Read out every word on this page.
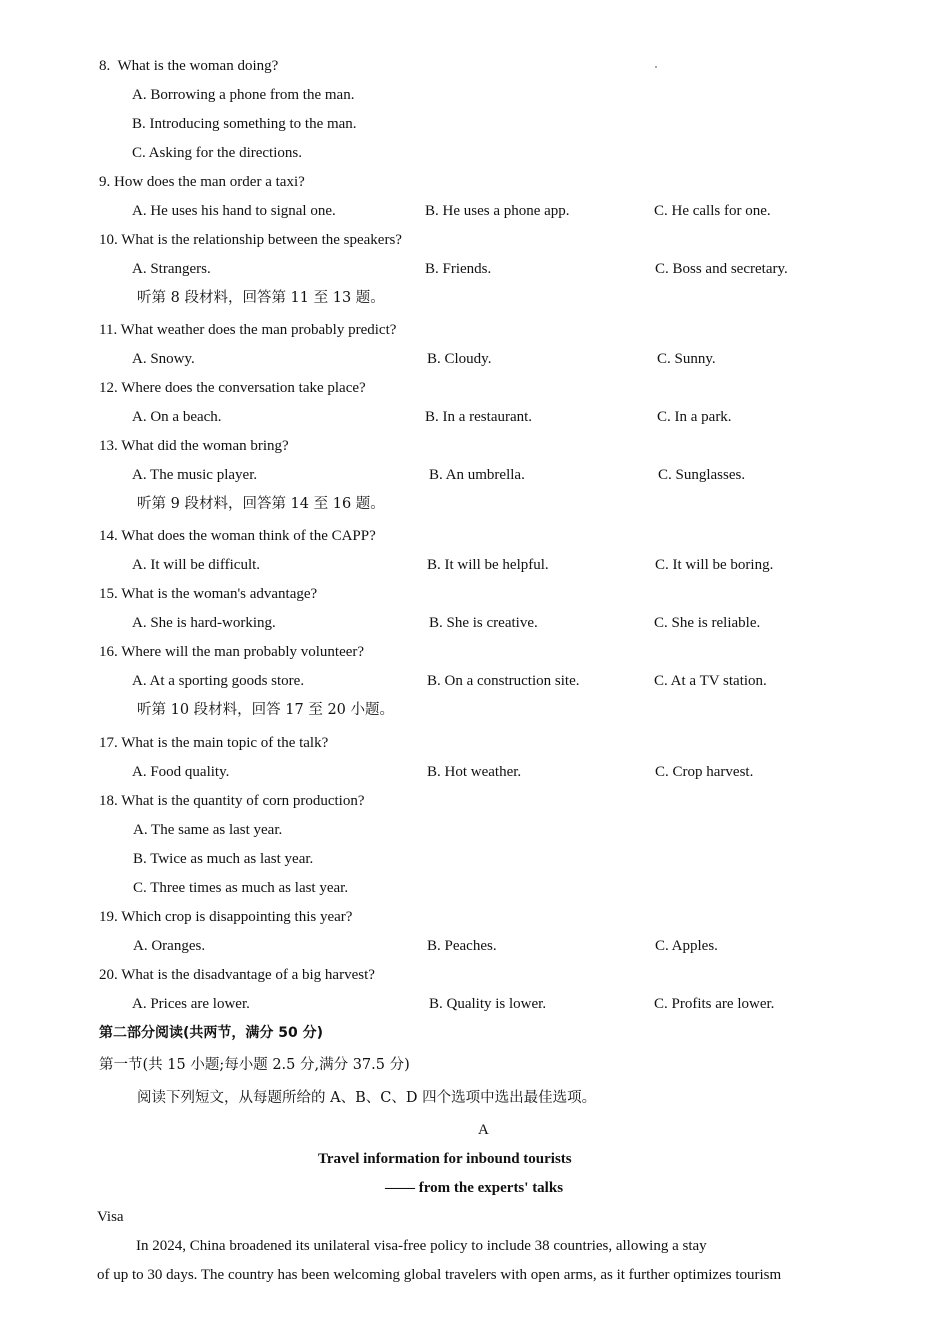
8. What is the woman doing?
A. Borrowing a phone from the man.
B. Introducing something to the man.
C. Asking for the directions.
9. How does the man order a taxi?
A. He uses his hand to signal one.	B. He uses a phone app.	C. He calls for one.
10. What is the relationship between the speakers?
A. Strangers.	B. Friends.	C. Boss and secretary.
听第 8 段材料，回答第 11 至 13 题。
11. What weather does the man probably predict?
A. Snowy.	B. Cloudy.	C. Sunny.
12. Where does the conversation take place?
A. On a beach.	B. In a restaurant.	C. In a park.
13. What did the woman bring?
A. The music player.	B. An umbrella.	C. Sunglasses.
听第 9 段材料，回答第 14 至 16 题。
14. What does the woman think of the CAPP?
A. It will be difficult.	B. It will be helpful.	C. It will be boring.
15. What is the woman's advantage?
A. She is hard-working.	B. She is creative.	C. She is reliable.
16. Where will the man probably volunteer?
A. At a sporting goods store.	B. On a construction site.	C. At a TV station.
听第 10 段材料，回答 17 至 20 小题。
17. What is the main topic of the talk?
A. Food quality.	B. Hot weather.	C. Crop harvest.
18. What is the quantity of corn production?
A. The same as last year.
B. Twice as much as last year.
C. Three times as much as last year.
19. Which crop is disappointing this year?
A. Oranges.	B. Peaches.	C. Apples.
20. What is the disadvantage of a big harvest?
A. Prices are lower.	B. Quality is lower.	C. Profits are lower.
第二部分阅读(共两节，满分 50 分)
第一节(共 15 小题;每小题 2.5 分,满分 37.5 分)
阅读下列短文，从每题所给的 A、B、C、D 四个选项中选出最佳选项。
A
Travel information for inbound tourists
—— from the experts' talks
Visa
In 2024, China broadened its unilateral visa-free policy to include 38 countries, allowing a stay
of up to 30 days. The country has been welcoming global travelers with open arms, as it further optimizes tourism
